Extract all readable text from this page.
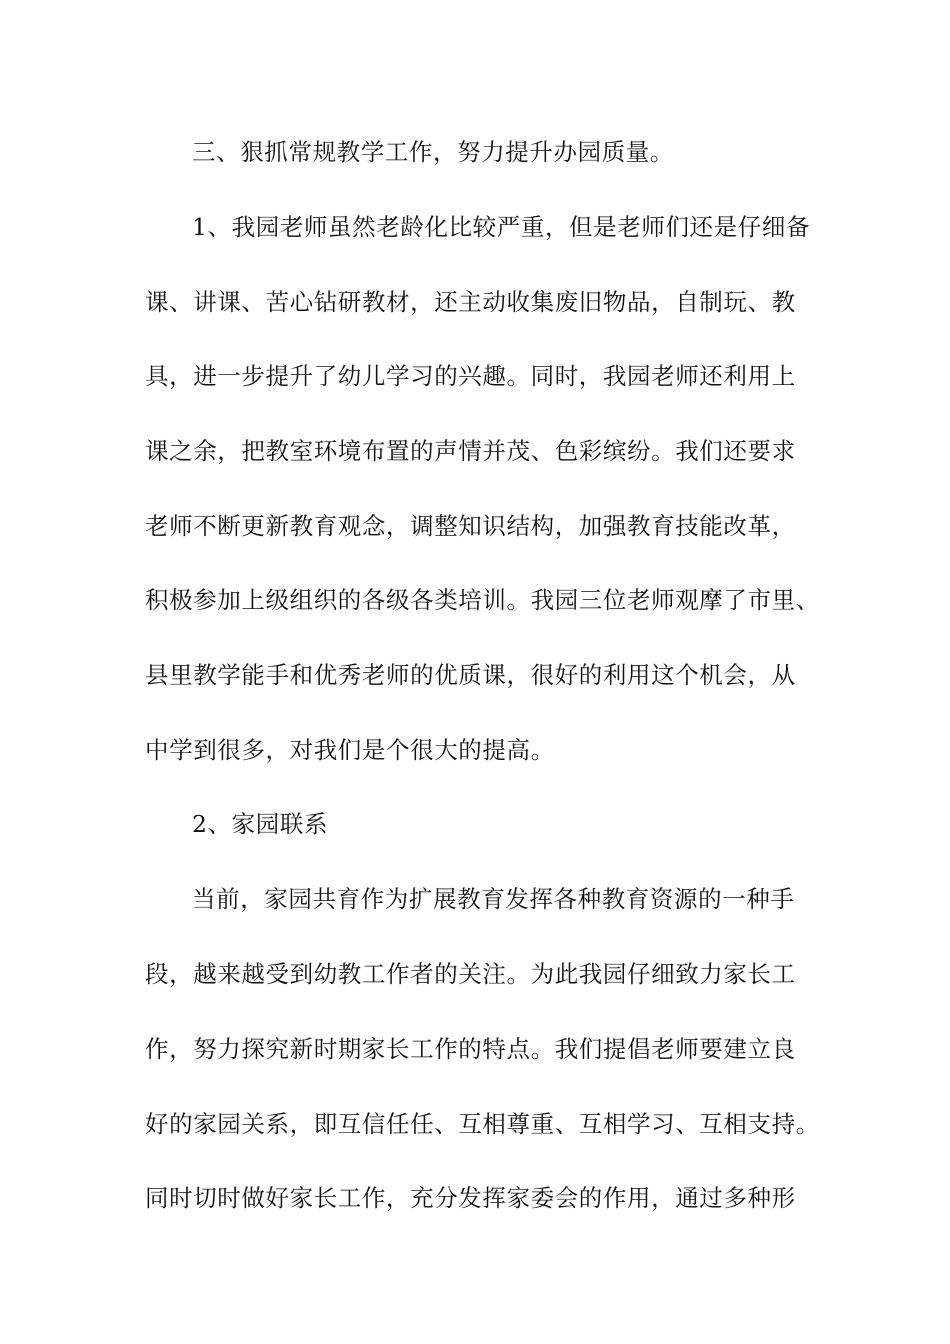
三、狠抓常规教学工作，努力提升办园质量。
1、我园老师虽然老龄化比较严重，但是老师们还是仔细备
课、讲课、苦心钻研教材，还主动收集废旧物品，自制玩、教
具，进一步提升了幼儿学习的兴趣。同时，我园老师还利用上
课之余，把教室环境布置的声情并茂、色彩缤纷。我们还要求
老师不断更新教育观念，调整知识结构，加强教育技能改革，
积极参加上级组织的各级各类培训。我园三位老师观摩了市里、
县里教学能手和优秀老师的优质课，很好的利用这个机会，从
中学到很多，对我们是个很大的提高。
2、家园联系
当前，家园共育作为扩展教育发挥各种教育资源的一种手
段，越来越受到幼教工作者的关注。为此我园仔细致力家长工
作，努力探究新时期家长工作的特点。我们提倡老师要建立良
好的家园关系，即互信任任、互相尊重、互相学习、互相支持。
同时切时做好家长工作，充分发挥家委会的作用，通过多种形
